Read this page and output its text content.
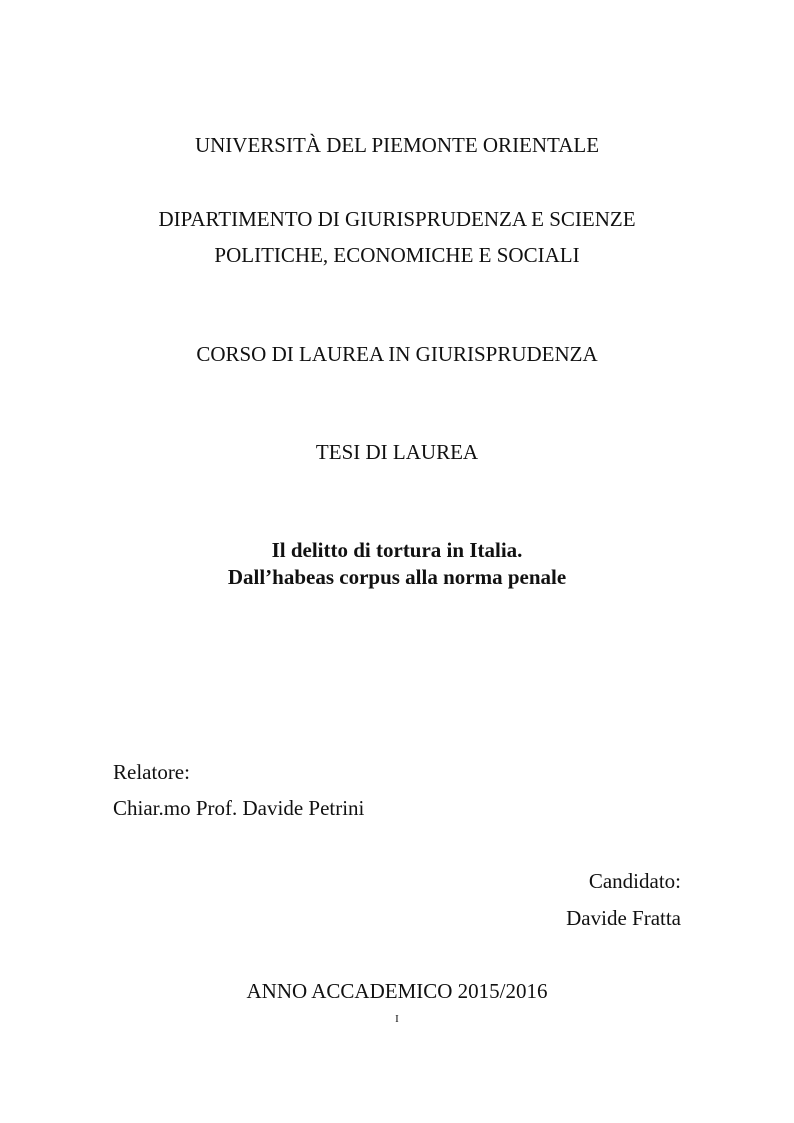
UNIVERSITÀ DEL PIEMONTE ORIENTALE
DIPARTIMENTO DI GIURISPRUDENZA E SCIENZE
POLITICHE, ECONOMICHE E SOCIALI
CORSO DI LAUREA IN GIURISPRUDENZA
TESI DI LAUREA
Il delitto di tortura in Italia.
Dall’habeas corpus alla norma penale
Relatore:
Chiar.mo Prof. Davide Petrini
Candidato:
Davide Fratta
ANNO ACCADEMICO 2015/2016
I
